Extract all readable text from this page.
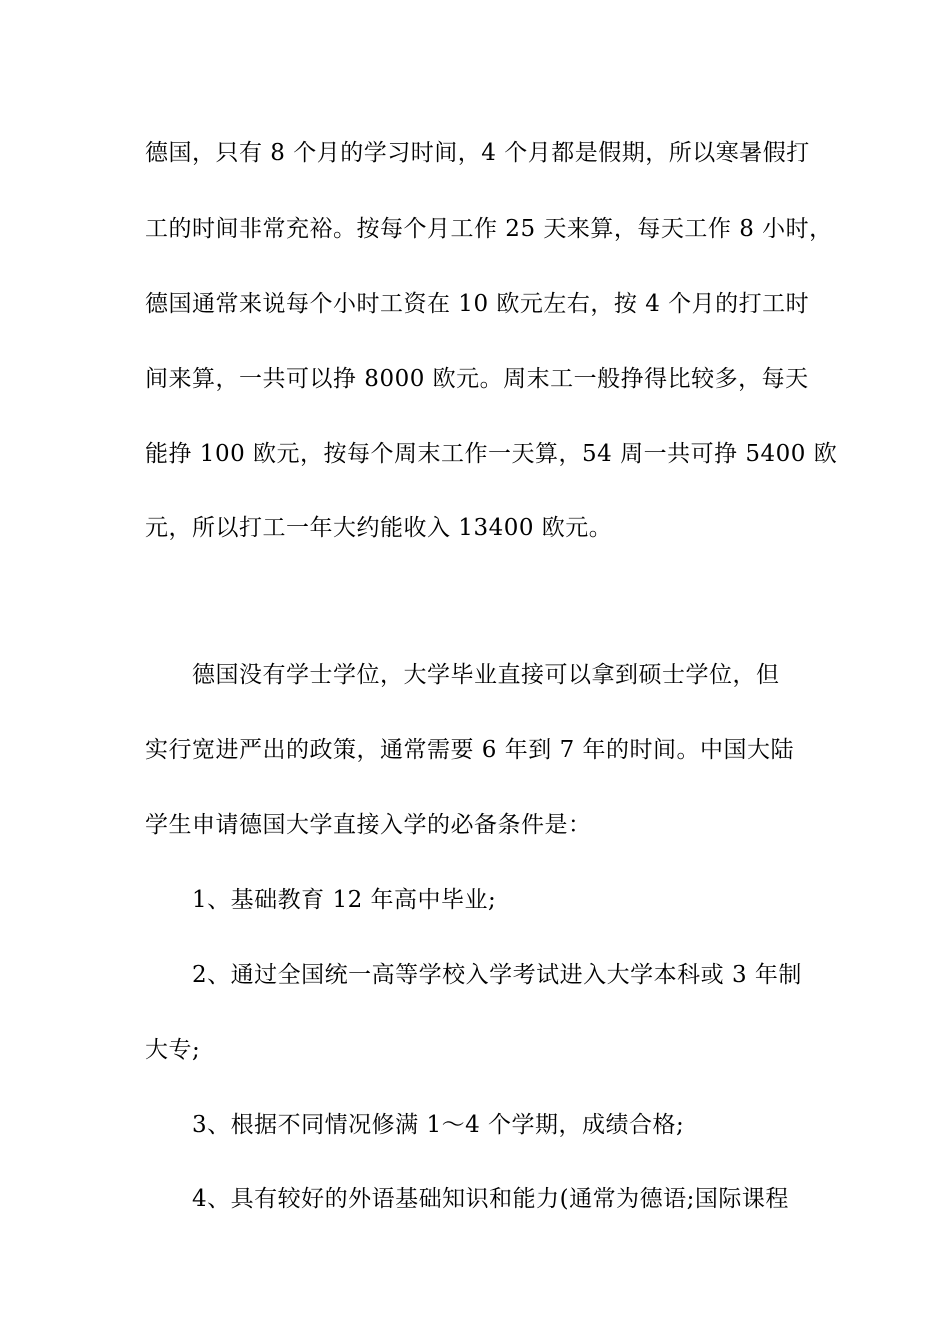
德国，只有 8 个月的学习时间，4 个月都是假期，所以寒暑假打
工的时间非常充裕。按每个月工作 25 天来算，每天工作 8 小时，
德国通常来说每个小时工资在 10 欧元左右，按 4 个月的打工时
间来算，一共可以挣 8000 欧元。周末工一般挣得比较多，每天
能挣 100 欧元，按每个周末工作一天算，54 周一共可挣 5400 欧
元，所以打工一年大约能收入 13400 欧元。
德国没有学士学位，大学毕业直接可以拿到硕士学位，但
实行宽进严出的政策，通常需要 6 年到 7 年的时间。中国大陆
学生申请德国大学直接入学的必备条件是：
1、基础教育 12 年高中毕业;
2、通过全国统一高等学校入学考试进入大学本科或 3 年制
大专;
3、根据不同情况修满 1～4 个学期，成绩合格;
4、具有较好的外语基础知识和能力(通常为德语;国际课程
